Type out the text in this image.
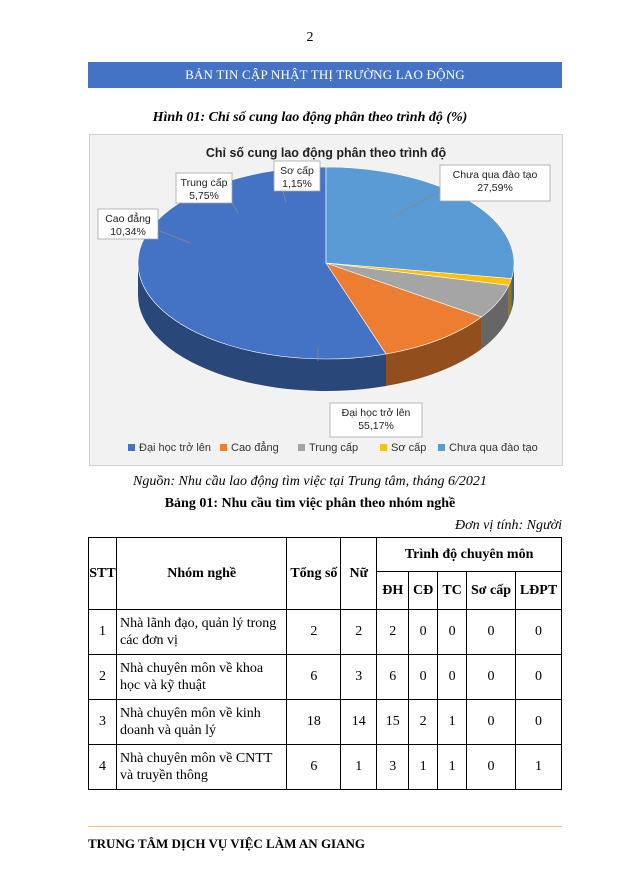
2
BẢN TIN CẬP NHẬT THỊ TRƯỜNG LAO ĐỘNG
Hình 01: Chỉ số cung lao động phân theo trình độ (%)
Chỉ số cung lao động phân theo trình độ
Đại học trở lên
55,17%
Cao đẳng
10,34%
Trung cấp
5,75%
Sơ cấp
1,15%
Chưa qua đào tạo
27,59%
Đại học trở lên Cao đẳng	Trung cấp	Sơ cấp Chưa qua đào tạo
Nguồn: Nhu cầu lao động tìm việc tại Trung tâm, tháng 6/2021
Bảng 01: Nhu cầu tìm việc phân theo nhóm nghề
Đơn vị tính: Người
STT	Nhóm nghề	Tổng số	Nữ	Trình độ chuyên môn				
				ĐH	CĐ	TC	Sơ cấp	LĐPT
1	Nhà lãnh đạo, quản lý trong các đơn vị	2	2	2	0	0	0	0
2	Nhà chuyên môn về khoa học và kỹ thuật	6	3	6	0	0	0	0
3	Nhà chuyên môn về kinh doanh và quản lý	18	14	15	2	1	0	0
4	Nhà chuyên môn về CNTT và truyền thông	6	1	3	1	1	0	1
TRUNG TÂM DỊCH VỤ VIỆC LÀM AN GIANG
